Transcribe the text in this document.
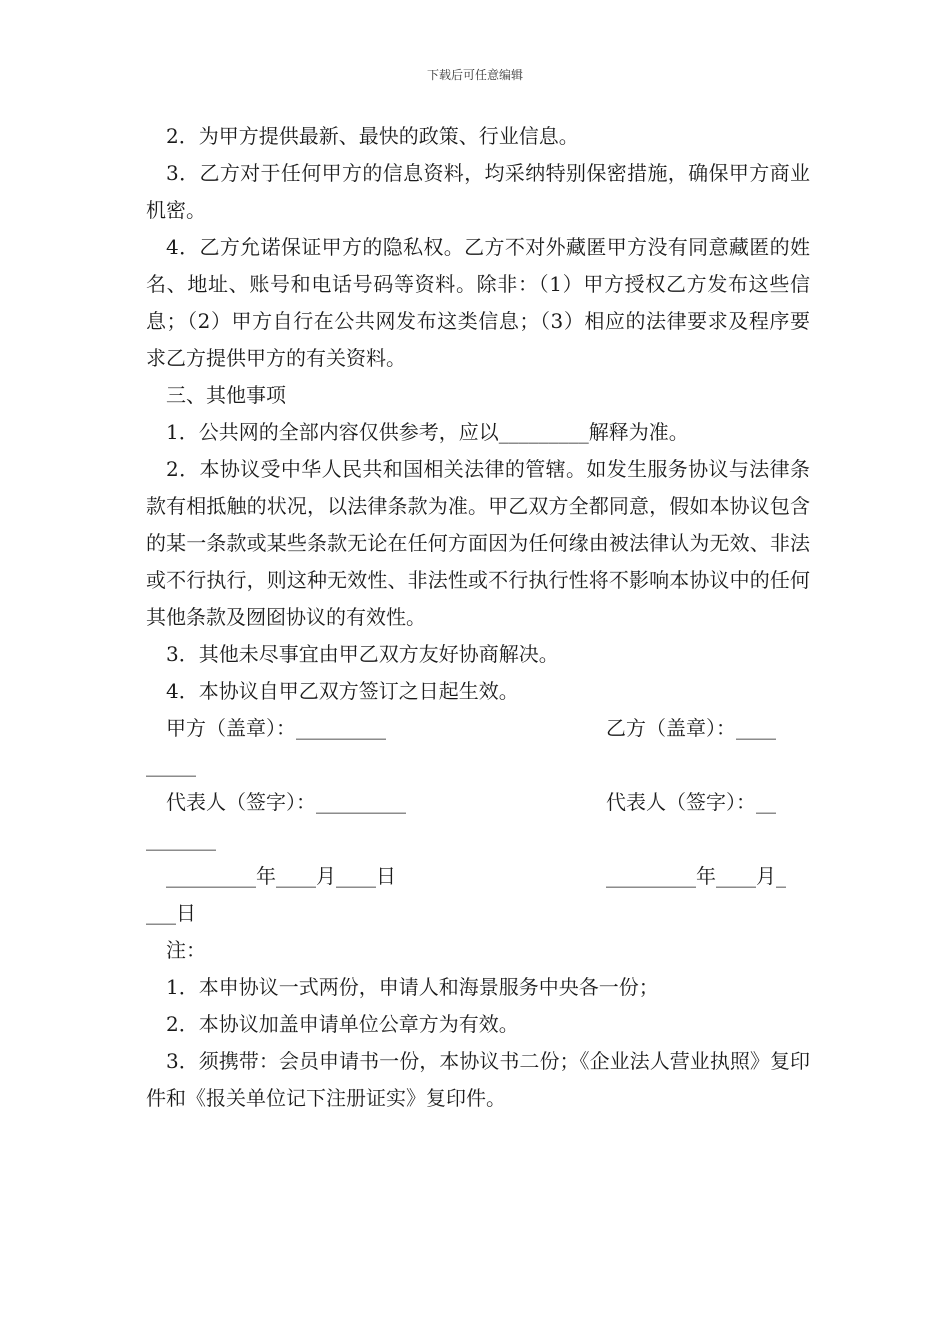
下载后可任意编辑

2．为甲方提供最新、最快的政策、行业信息。

3．乙方对于任何甲方的信息资料，均采纳特别保密措施，确保甲方商业机密。

4．乙方允诺保证甲方的隐私权。乙方不对外藏匿甲方没有同意藏匿的姓名、地址、账号和电话号码等资料。除非：（1）甲方授权乙方发布这些信息；（2）甲方自行在公共网发布这类信息；（3）相应的法律要求及程序要求乙方提供甲方的有关资料。

三、其他事项

1．公共网的全部内容仅供参考，应以_________解释为准。

2．本协议受中华人民共和国相关法律的管辖。如发生服务协议与法律条款有相抵触的状况，以法律条款为准。甲乙双方全都同意，假如本协议包含的某一条款或某些条款无论在任何方面因为任何缘由被法律认为无效、非法或不行执行，则这种无效性、非法性或不行执行性将不影响本协议中的任何其他条款及囫囵协议的有效性。

3．其他未尽事宜由甲乙双方友好协商解决。

4．本协议自甲乙双方签订之日起生效。

甲方（盖章）：_________	乙方（盖章）：____
_____
代表人（签字）：_________	代表人（签字）：__
_______
_________年____月____日	_________年____月_
___日

注：

1．本申协议一式两份，申请人和海景服务中央各一份；

2．本协议加盖申请单位公章方为有效。

3．须携带：会员申请书一份，本协议书二份；《企业法人营业执照》复印件和《报关单位记下注册证实》复印件。
